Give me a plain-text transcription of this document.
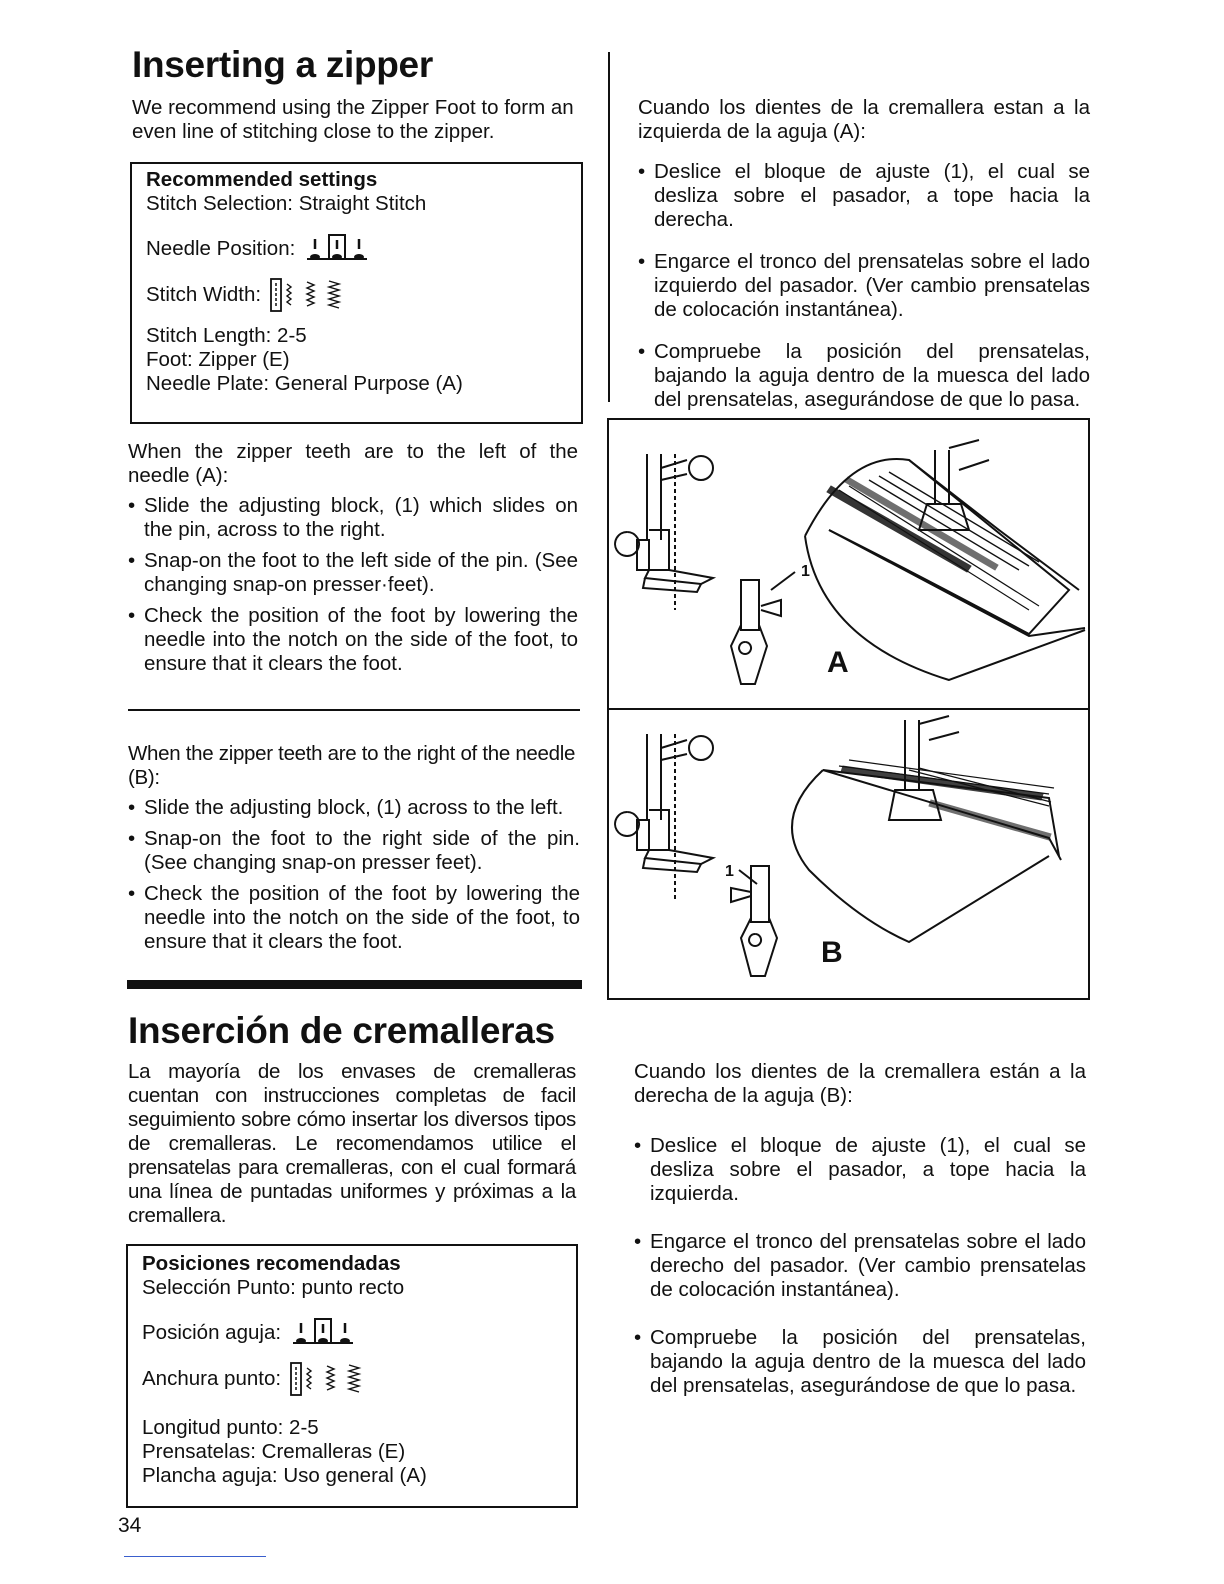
Inserting a zipper
We recommend using the Zipper Foot to form an even line of stitching close to the zipper.
Recommended settings
Stitch Selection: Straight Stitch
Needle Position:
Stitch Width:
Stitch Length: 2-5
Foot: Zipper (E)
Needle Plate: General Purpose (A)
When the zipper teeth are to the left of the needle (A):
• Slide the adjusting block, (1) which slides on the pin, across to the right.
• Snap-on the foot to the left side of the pin. (See changing snap-on presser·feet).
• Check the position of the foot by lowering the needle into the notch on the side of the foot, to ensure that it clears the foot.
When the zipper teeth are to the right of the needle (B):
• Slide the adjusting block, (1) across to the left.
• Snap-on the foot to the right side of the pin. (See changing snap-on presser feet).
• Check the position of the foot by lowering the needle into the notch on the side of the foot, to ensure that it clears the foot.
Cuando los dientes de la cremallera estan a la izquierda de la aguja (A):
• Deslice el bloque de ajuste (1), el cual se desliza sobre el pasador, a tope hacia la derecha.
• Engarce el tronco del prensatelas sobre el lado izquierdo del pasador. (Ver cambio prensatelas de colocación instantánea).
• Compruebe la posición del prensatelas, bajando la aguja dentro de la muesca del lado del prensatelas, asegurándose de que lo pasa.
1
A
1
B
Inserción de cremalleras
La mayoría de los envases de cremalleras cuentan con instrucciones completas de facil seguimiento sobre cómo insertar los diversos tipos de cremalleras. Le recomendamos utilice el prensatelas para cremalleras, con el cual formará una línea de puntadas uniformes y próximas a la cremallera.
Posiciones recomendadas
Selección Punto: punto recto
Posición aguja:
Anchura punto:
Longitud punto: 2-5
Prensatelas: Cremalleras (E)
Plancha aguja: Uso general (A)
Cuando los dientes de la cremallera están a la derecha de la aguja (B):
• Deslice el bloque de ajuste (1), el cual se desliza sobre el pasador, a tope hacia la izquierda.
• Engarce el tronco del prensatelas sobre el lado derecho del pasador. (Ver cambio prensatelas de colocación instantánea).
• Compruebe la posición del prensatelas, bajando la aguja dentro de la muesca del lado del prensatelas, asegurándose de que lo pasa.
34
